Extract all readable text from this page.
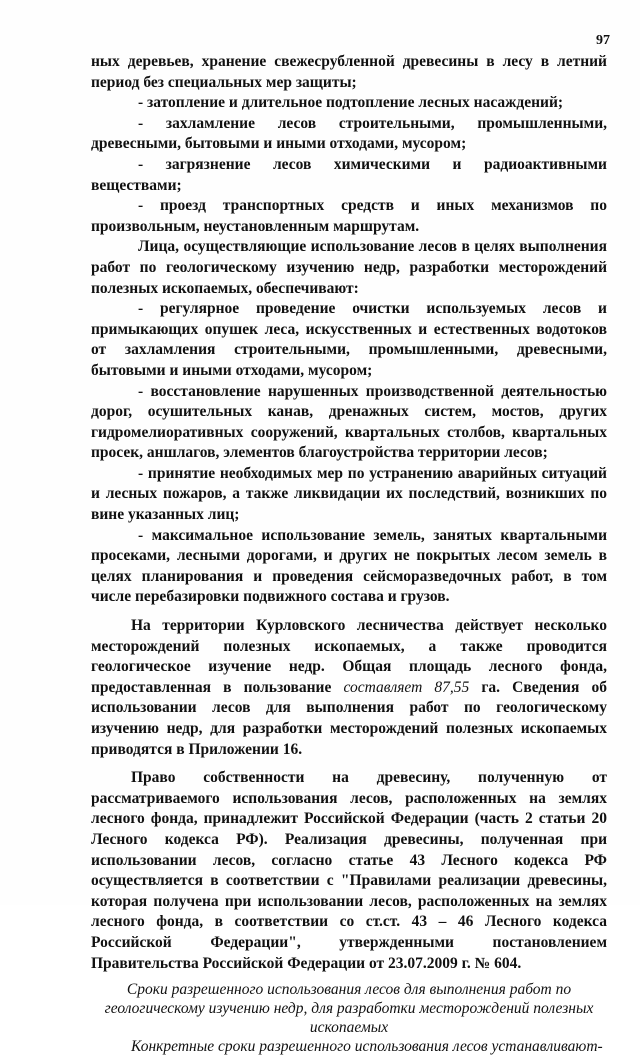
97

ных деревьев, хранение свежесрубленной древесины в лесу в летний период без специальных мер защиты;

- затопление и длительное подтопление лесных насаждений;

- захламление лесов строительными, промышленными, древесными, бытовыми и иными отходами, мусором;

- загрязнение лесов химическими и радиоактивными веществами;

- проезд транспортных средств и иных механизмов по произвольным, неустановленным маршрутам.

Лица, осуществляющие использование лесов в целях выполнения работ по геологическому изучению недр, разработки месторождений полезных ископаемых, обеспечивают:

- регулярное проведение очистки используемых лесов и примыкающих опушек леса, искусственных и естественных водотоков от захламления строительными, промышленными, древесными, бытовыми и иными отходами, мусором;

- восстановление нарушенных производственной деятельностью дорог, осушительных канав, дренажных систем, мостов, других гидромелиоративных сооружений, квартальных столбов, квартальных просек, аншлагов, элементов благоустройства территории лесов;

- принятие необходимых мер по устранению аварийных ситуаций и лесных пожаров, а также ликвидации их последствий, возникших по вине указанных лиц;

- максимальное использование земель, занятых квартальными просеками, лесными дорогами, и других не покрытых лесом земель в целях планирования и проведения сейсморазведочных работ, в том числе перебазировки подвижного состава и грузов.

На территории Курловского лесничества действует несколько месторождений полезных ископаемых, а также проводится геологическое изучение недр. Общая площадь лесного фонда, предоставленная в пользование составляет 87,55 га. Сведения об использовании лесов для выполнения работ по геологическому изучению недр, для разработки месторождений полезных ископаемых приводятся в Приложении 16.

Право собственности на древесину, полученную от рассматриваемого использования лесов, расположенных на землях лесного фонда, принадлежит Российской Федерации (часть 2 статьи 20 Лесного кодекса РФ). Реализация древесины, полученная при использовании лесов, согласно статье 43 Лесного кодекса РФ осуществляется в соответствии с "Правилами реализации древесины, которая получена при использовании лесов, расположенных на землях лесного фонда, в соответствии со ст.ст. 43 – 46 Лесного кодекса Российской Федерации", утвержденными постановлением Правительства Российской Федерации от 23.07.2009 г. № 604.

Сроки разрешенного использования лесов для выполнения работ по геологическому изучению недр, для разработки месторождений полезных ископаемых

Конкретные сроки разрешенного использования лесов устанавливают-
